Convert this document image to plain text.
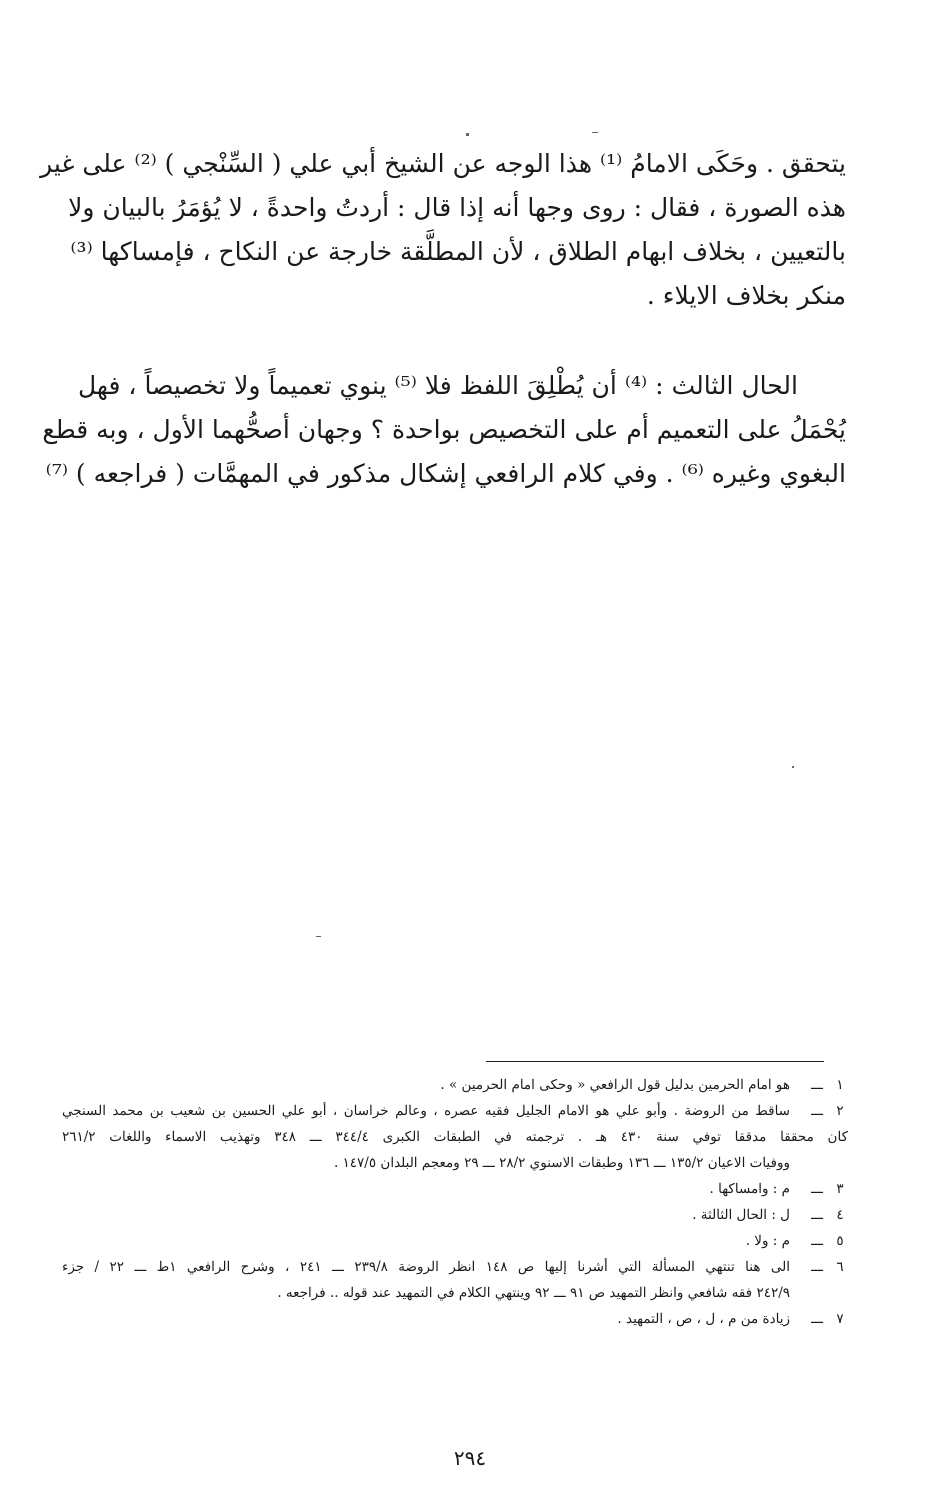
يتحقق . وحَكَى الامامُ ⁽¹⁾ هذا الوجه عن الشيخ أبي علي ( السِّنْجي ) ⁽²⁾ على غير
هذه الصورة ، فقال : روى وجها أنه إذا قال : أردتُ واحدةً ، لا يُؤمَرُ بالبيان ولا
بالتعيين ، بخلاف ابهام الطلاق ، لأن المطلَّقة خارجة عن النكاح ، فإمساكها ⁽³⁾
منكر بخلاف الايلاء .
الحال الثالث : ⁽⁴⁾ أن يُطْلِقَ اللفظ فلا ⁽⁵⁾ ينوي تعميماً ولا تخصيصاً ، فهل
يُحْمَلُ على التعميم أم على التخصيص بواحدة ؟ وجهان أصحُّهما الأول ، وبه قطع
البغوي وغيره ⁽⁶⁾ . وفي كلام الرافعي إشكال مذكور في المهمَّات ( فراجعه ) ⁽⁷⁾
١
ـــ
هو امام الحرمين بدليل قول الرافعي « وحكى امام الحرمين » .
٢
ـــ
ساقط من الروضة . وأبو علي هو الامام الجليل فقيه عصره ، وعالم خراسان ، أبو علي الحسين بن شعيب بن محمد السنجي
كان محققا مدققا توفي سنة ٤٣٠ هـ . ترجمته في الطبقات الكبرى ٣٤٤/٤ ـــ ٣٤٨ وتهذيب الاسماء واللغات ٢٦١/٢
ووفيات الاعيان ١٣٥/٢ ـــ ١٣٦ وطبقات الاسنوي ٢٨/٢ ـــ ٢٩ ومعجم البلدان ١٤٧/٥ .
٣
ـــ
م : وامساكها .
٤
ـــ
ل : الحال الثالثة .
٥
ـــ
م : ولا .
٦
ـــ
الى هنا تنتهي المسألة التي أشرنا إليها ص ١٤٨ انظر الروضة ٢٣٩/٨ ـــ ٢٤١ ، وشرح الرافعي ١ط ـــ ٢٢ / جزء
٢٤٢/٩ فقه شافعي وانظر التمهيد ص ٩١ ـــ ٩٢ وينتهي الكلام في التمهيد عند قوله .. فراجعه .
٧
ـــ
زيادة من م ، ل ، ص ، التمهيد .
٢٩٤
